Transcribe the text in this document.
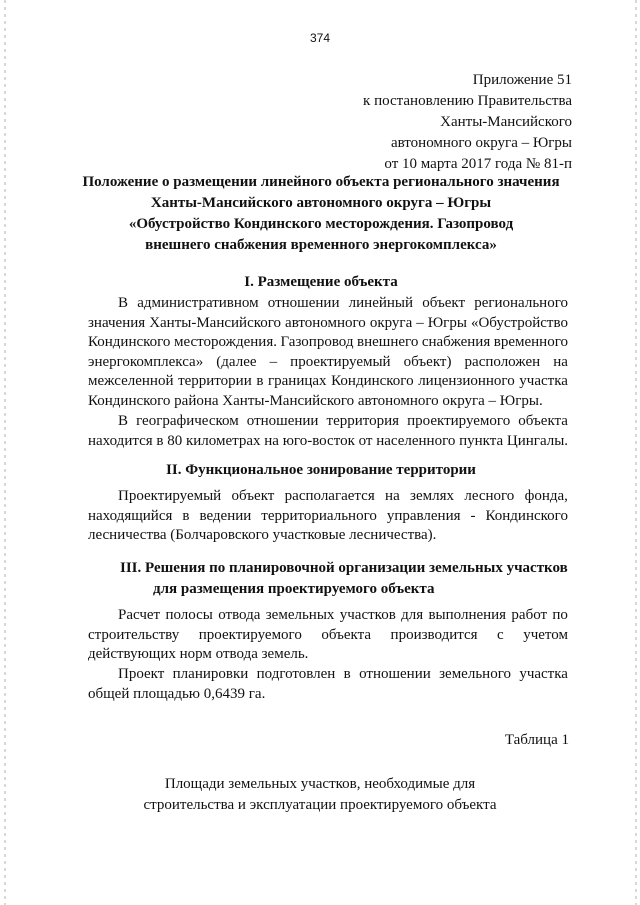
374
Приложение 51
к постановлению Правительства
Ханты-Мансийского
автономного округа – Югры
от 10 марта 2017 года № 81-п
Положение о размещении линейного объекта регионального значения
Ханты-Мансийского автономного округа – Югры
«Обустройство Кондинского месторождения. Газопровод
внешнего снабжения временного энергокомплекса»
I. Размещение объекта
В административном отношении линейный объект регионального
значения Ханты-Мансийского автономного округа – Югры «Обустройство
Кондинского месторождения. Газопровод внешнего снабжения временного
энергокомплекса» (далее – проектируемый объект) расположен на
межселенной территории в границах Кондинского лицензионного участка
Кондинского района Ханты-Мансийского автономного округа – Югры.
В географическом отношении территория проектируемого объекта
находится в 80 километрах на юго-восток от населенного пункта Цингалы.
II. Функциональное зонирование территории
Проектируемый объект располагается на землях лесного фонда,
находящийся в ведении территориального управления - Кондинского
лесничества (Болчаровского участковые лесничества).
III. Решения по планировочной организации земельных участков
для размещения проектируемого объекта
Расчет полосы отвода земельных участков для выполнения работ по
строительству проектируемого объекта производится с учетом
действующих норм отвода земель.
Проект планировки подготовлен в отношении земельного участка
общей площадью 0,6439 га.
Таблица 1
Площади земельных участков, необходимые для
строительства и эксплуатации проектируемого объекта
